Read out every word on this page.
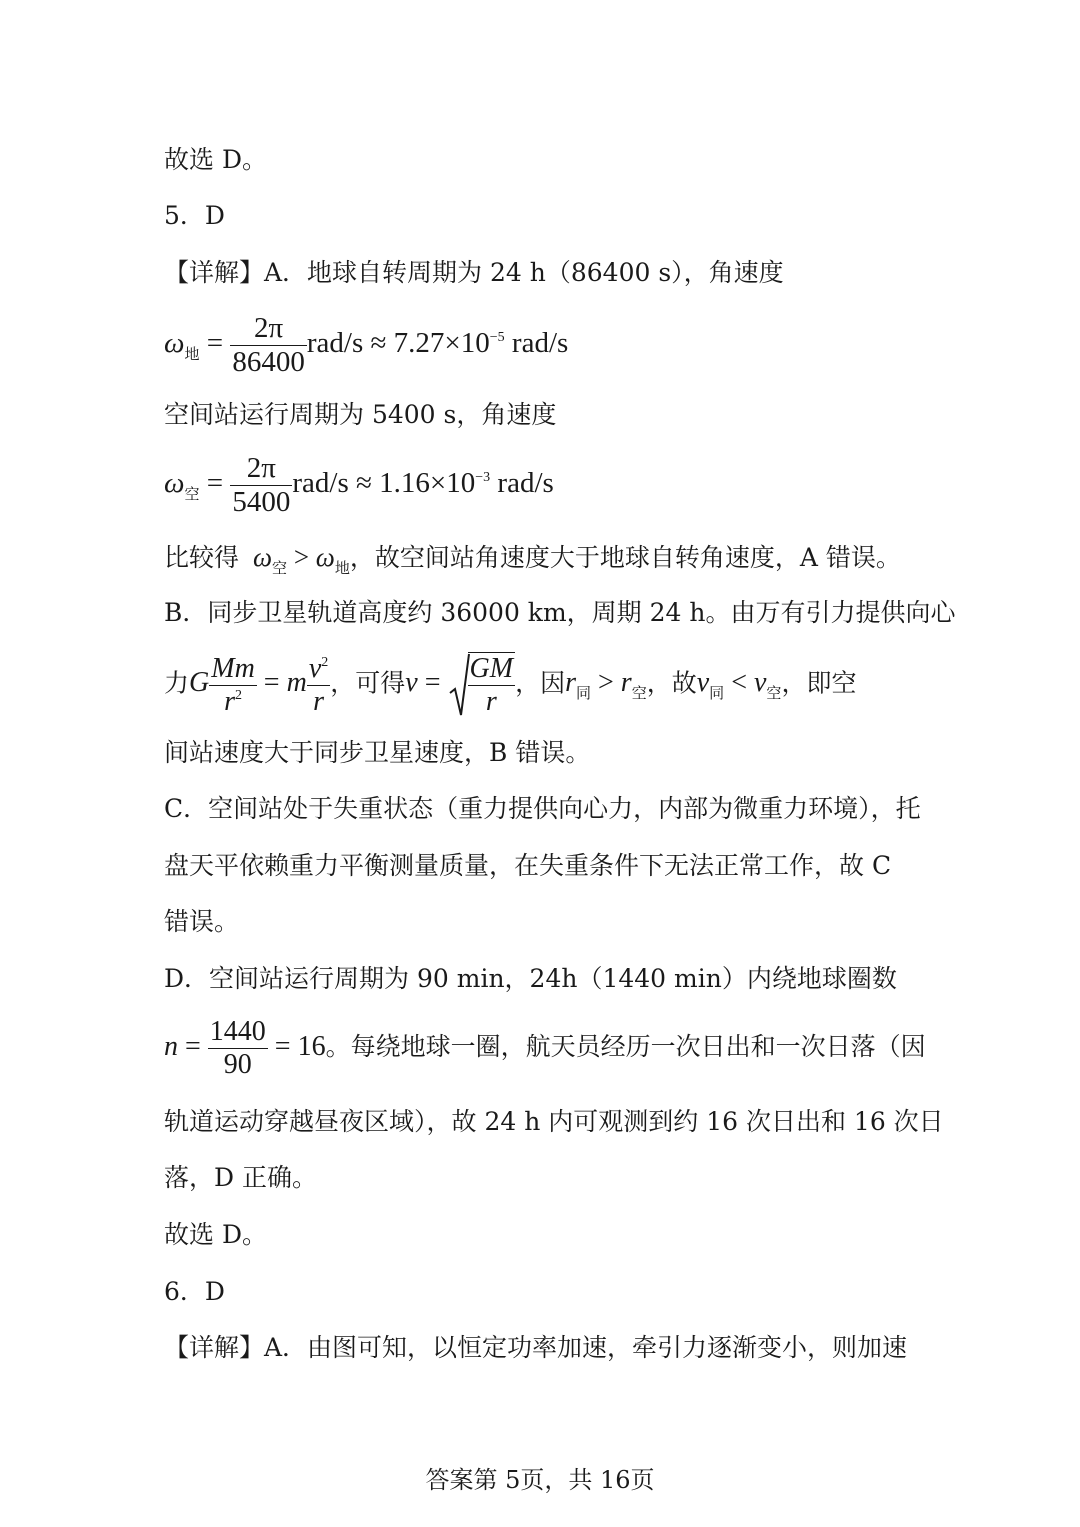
故选 D。
5．D
【详解】A．地球自转周期为 24 h（86400 s），角速度
$\omega_地 = \frac{2\pi}{86400} rad/s \approx 7.27\times 10^{-5}$ rad/s
空间站运行周期为 5400 s，角速度
$\omega_空 = \frac{2\pi}{5400} rad/s \approx 1.16\times 10^{-3}$ rad/s
比较得 $\omega_空 > \omega_地$，故空间站角速度大于地球自转角速度，A 错误。
B．同步卫星轨道高度约 36000 km，周期 24 h。由万有引力提供向心
力G $\frac{Mm}{r^2} = m \frac{v^2}{r}$ ，可得$v = \frac{GM}{r}$ ，因$r_同 > r_空$，故$v_同 < v_空$，即空
间站速度大于同步卫星速度，B 错误。
C．空间站处于失重状态（重力提供向心力，内部为微重力环境），托
盘天平依赖重力平衡测量质量，在失重条件下无法正常工作，故 C
错误。
D．空间站运行周期为 90 min，24h（1440 min）内绕地球圈数
$n = \frac{1440}{90} = 16$。每绕地球一圈，航天员经历一次日出和一次日落（因
轨道运动穿越昼夜区域），故 24 h 内可观测到约 16 次日出和 16 次日
落，D 正确。
故选 D。
6．D
【详解】A．由图可知，以恒定功率加速，牵引力逐渐变小，则加速
答案第 5页，共 16页
